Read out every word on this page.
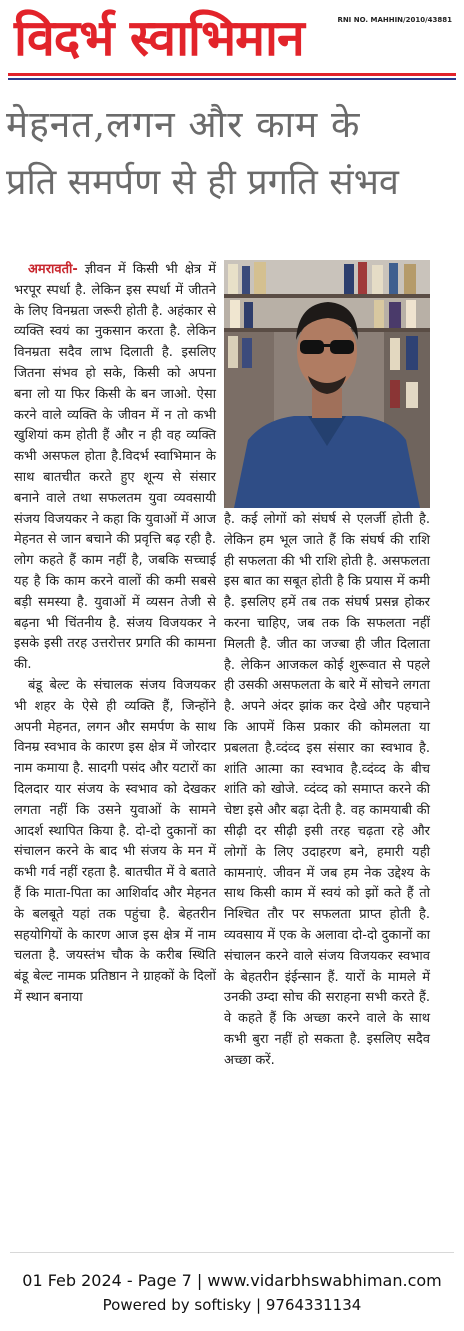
विदर्भ स्वाभिमान	RNI NO. MAHHIN/2010/43881
मेहनत,लगन और काम के
प्रति समर्पण से ही प्रगति संभव

अमरावती- ज्ञीवन में किसी भी क्षेत्र में भरपूर स्पर्धा है. लेकिन इस स्पर्धा में जीतने के लिए विनम्रता जरूरी होती है. अहंकार से व्यक्ति स्वयं का नुकसान करता है. लेकिन विनम्रता सदैव लाभ दिलाती है. इसलिए जितना संभव हो सके, किसी को अपना बना लो या फिर किसी के बन जाओ. ऐसा करने वाले व्यक्ति के जीवन में न तो कभी खुशियां कम होती हैं और न ही वह व्यक्ति कभी असफल होता है.विदर्भ स्वाभिमान के साथ बातचीत करते हुए शून्य से संसार बनाने वाले तथा सफलतम युवा व्यवसायी संजय विजयकर ने कहा कि युवाओं में आज मेहनत से जान बचाने की प्रवृत्ति बढ़ रही है. लोग कहते हैं काम नहीं है, जबकि सच्चाई यह है कि काम करने वालों की कमी सबसे बड़ी समस्या है. युवाओं में व्यसन तेजी से बढ़ना भी चिंतनीय है. संजय विजयकर ने इसके इसी तरह उत्तरोत्तर प्रगति की कामना की.

बंडू बेल्ट के संचालक संजय विजयकर भी शहर के ऐसे ही व्यक्ति हैं, जिन्होंने अपनी मेहनत, लगन और समर्पण के साथ विनम्र स्वभाव के कारण इस क्षेत्र में जोरदार नाम कमाया है. सादगी पसंद और यटारों का दिलदार यार संजय के स्वभाव को देखकर लगता नहीं कि उसने युवाओं के सामने आदर्श स्थापित किया है. दो-दो दुकानों का संचालन करने के बाद भी संजय के मन में कभी गर्व नहीं रहता है. बातचीत में वे बताते हैं कि माता-पिता का आशिर्वाद और मेहनत के बलबूते यहां तक पहुंचा है. बेहतरीन सहयोगियों के कारण आज इस क्षेत्र में नाम चलता है. जयस्तंभ चौक के करीब स्थिति बंडू बेल्ट नामक प्रतिष्ठान ने ग्राहकों के दिलों में स्थान बनाया

है. कई लोगों को संघर्ष से एलर्जी होती है. लेकिन हम भूल जाते हैं कि संघर्ष की राशि ही सफलता की भी राशि होती है. असफलता इस बात का सबूत होती है कि प्रयास में कमी है. इसलिए हमें तब तक संघर्ष प्रसन्न होकर करना चाहिए, जब तक कि सफलता नहीं मिलती है. जीत का जज्बा ही जीत दिलाता है. लेकिन आजकल कोई शुरूवात से पहले ही उसकी असफलता के बारे में सोचने लगता है. अपने अंदर झांक कर देखे और पहचाने कि आपमें किस प्रकार की कोमलता या प्रबलता है.व्दंव्द इस संसार का स्वभाव है. शांति आत्मा का स्वभाव है.व्दंव्द के बीच शांति को खोजे. व्दंव्द को समाप्त करने की चेष्टा इसे और बढ़ा देती है. वह कामयाबी की सीढ़ी दर सीढ़ी इसी तरह चढ़ता रहे और लोगों के लिए उदाहरण बने, हमारी यही कामनाएं. जीवन में जब हम नेक उद्देश्य के साथ किसी काम में स्वयं को झों कते हैं तो निश्चित तौर पर सफलता प्राप्त होती है. व्यवसाय में एक के अलावा दो-दो दुकानों का संचालन करने वाले संजय विजयकर स्वभाव के बेहतरीन इंईन्सान हैं. यारों के मामले में उनकी उम्दा सोच की सराहना सभी करते हैं. वे कहते हैं कि अच्छा करने वाले के साथ कभी बुरा नहीं हो सकता है. इसलिए सदैव अच्छा करें.

01 Feb 2024 - Page 7 | www.vidarbhswabhiman.com
Powered by softisky | 9764331134
